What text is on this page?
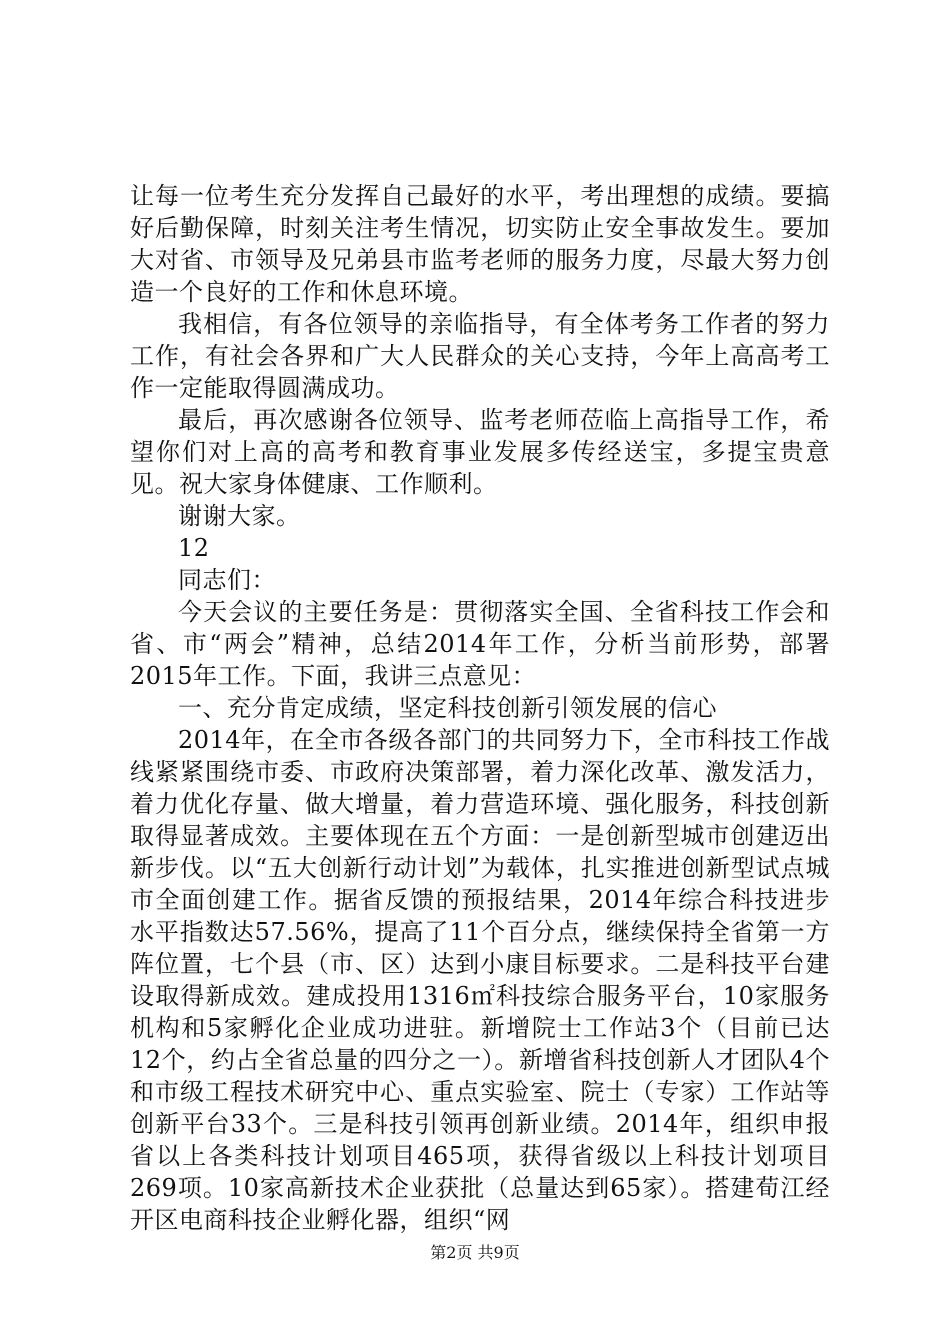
让每一位考生充分发挥自己最好的水平，考出理想的成绩。要搞好后勤保障，时刻关注考生情况，切实防止安全事故发生。要加大对省、市领导及兄弟县市监考老师的服务力度，尽最大努力创造一个良好的工作和休息环境。

我相信，有各位领导的亲临指导，有全体考务工作者的努力工作，有社会各界和广大人民群众的关心支持，今年上高高考工作一定能取得圆满成功。

最后，再次感谢各位领导、监考老师莅临上高指导工作，希望你们对上高的高考和教育事业发展多传经送宝，多提宝贵意见。祝大家身体健康、工作顺利。

谢谢大家。

12

同志们：

今天会议的主要任务是：贯彻落实全国、全省科技工作会和省、市“两会”精神，总结2014年工作，分析当前形势，部署2015年工作。下面，我讲三点意见：

一、充分肯定成绩，坚定科技创新引领发展的信心

2014年，在全市各级各部门的共同努力下，全市科技工作战线紧紧围绕市委、市政府决策部署，着力深化改革、激发活力，着力优化存量、做大增量，着力营造环境、强化服务，科技创新取得显著成效。主要体现在五个方面：一是创新型城市创建迈出新步伐。以“五大创新行动计划”为载体，扎实推进创新型试点城市全面创建工作。据省反馈的预报结果，2014年综合科技进步水平指数达57.56%，提高了11个百分点，继续保持全省第一方阵位置，七个县（市、区）达到小康目标要求。二是科技平台建设取得新成效。建成投用1316㎡科技综合服务平台，10家服务机构和5家孵化企业成功进驻。新增院士工作站3个（目前已达12个，约占全省总量的四分之一）。新增省科技创新人才团队4个和市级工程技术研究中心、重点实验室、院士（专家）工作站等创新平台33个。三是科技引领再创新业绩。2014年，组织申报省以上各类科技计划项目465项，获得省级以上科技计划项目269项。10家高新技术企业获批（总量达到65家）。搭建荀江经开区电商科技企业孵化器，组织“网

第2页 共9页
